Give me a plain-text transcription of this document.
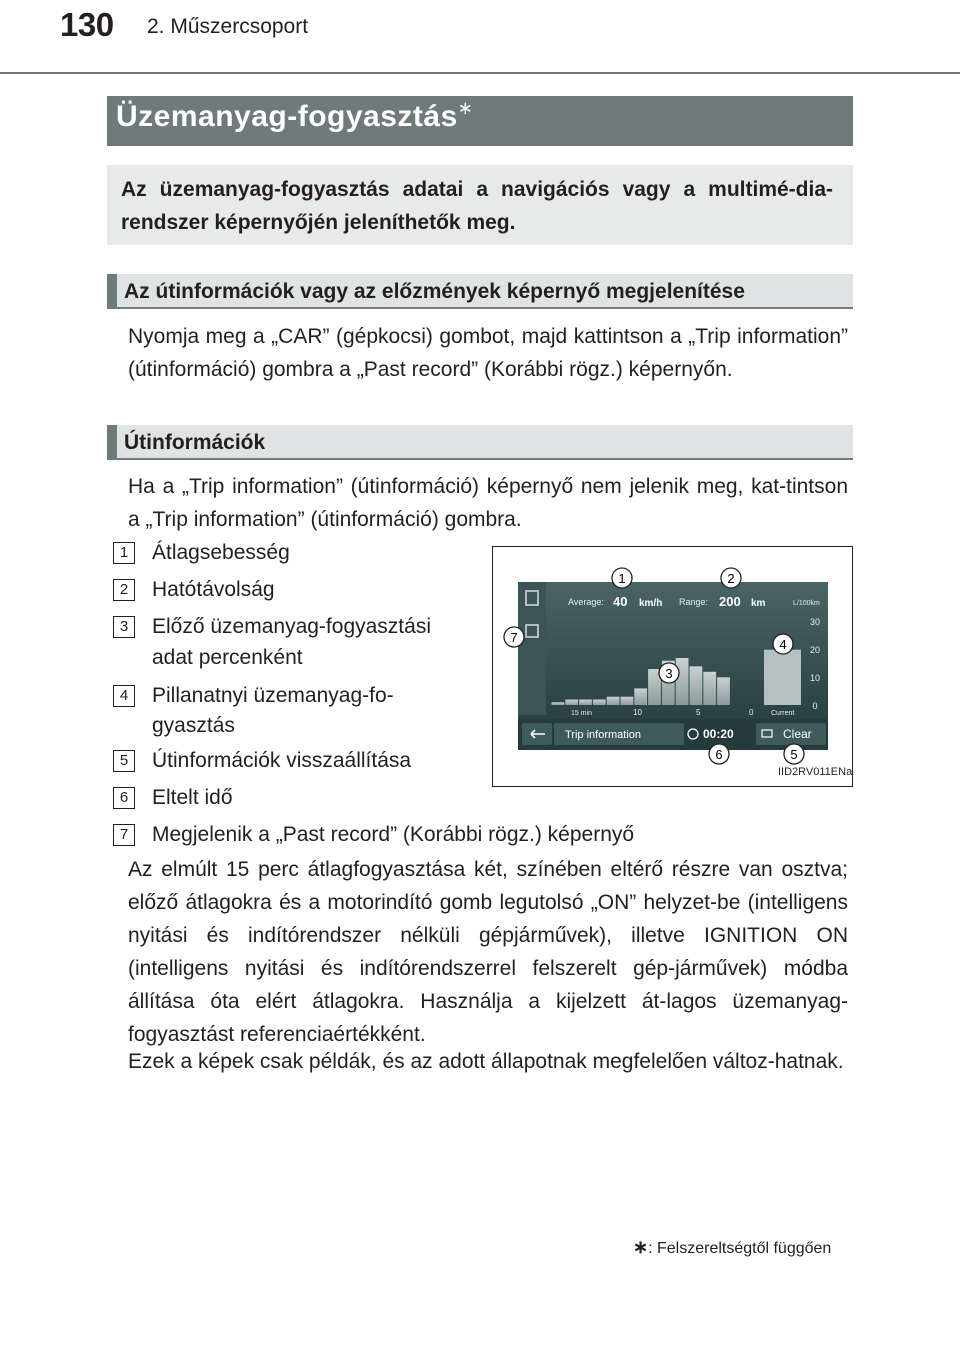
130 2. Műszercsoport
Üzemanyag-fogyasztás∗
Az üzemanyag-fogyasztás adatai a navigációs vagy a multimé-dia-rendszer képernyőjén jeleníthetők meg.
Az útinformációk vagy az előzmények képernyő megjelenítése
Nyomja meg a „CAR” (gépkocsi) gombot, majd kattintson a „Trip information” (útinformáció) gombra a „Past record” (Korábbi rögz.) képernyőn.
Útinformációk
Ha a „Trip information” (útinformáció) képernyő nem jelenik meg, kat-tintson a „Trip information” (útinformáció) gombra.
1	Átlagsebesség
2	Hatótávolság
3	Előző üzemanyag-fogyasztási
adat percenként
4	Pillanatnyi üzemanyag-fo-
gyasztás
5	Útinformációk visszaállítása
6	Eltelt idő
7	Megjelenik a „Past record” (Korábbi rögz.) képernyő
Average: 40 km/h Range: 200 km	L/100km
30
20
10
0
15 min	10	5	0	Current
Trip information	00:20	Clear
1	2
3
4
5
6
7
IID2RV011ENa
Az elmúlt 15 perc átlagfogyasztása két, színében eltérő részre van osztva; előző átlagokra és a motorindító gomb legutolsó „ON” helyzet-be (intelligens nyitási és indítórendszer nélküli gépjárművek), illetve IGNITION ON (intelligens nyitási és indítórendszerrel felszerelt gép-járművek) módba állítása óta elért átlagokra. Használja a kijelzett át-lagos üzemanyag-fogyasztást referenciaértékként.
Ezek a képek csak példák, és az adott állapotnak megfelelően változ-hatnak.
∗: Felszereltségtől függően
